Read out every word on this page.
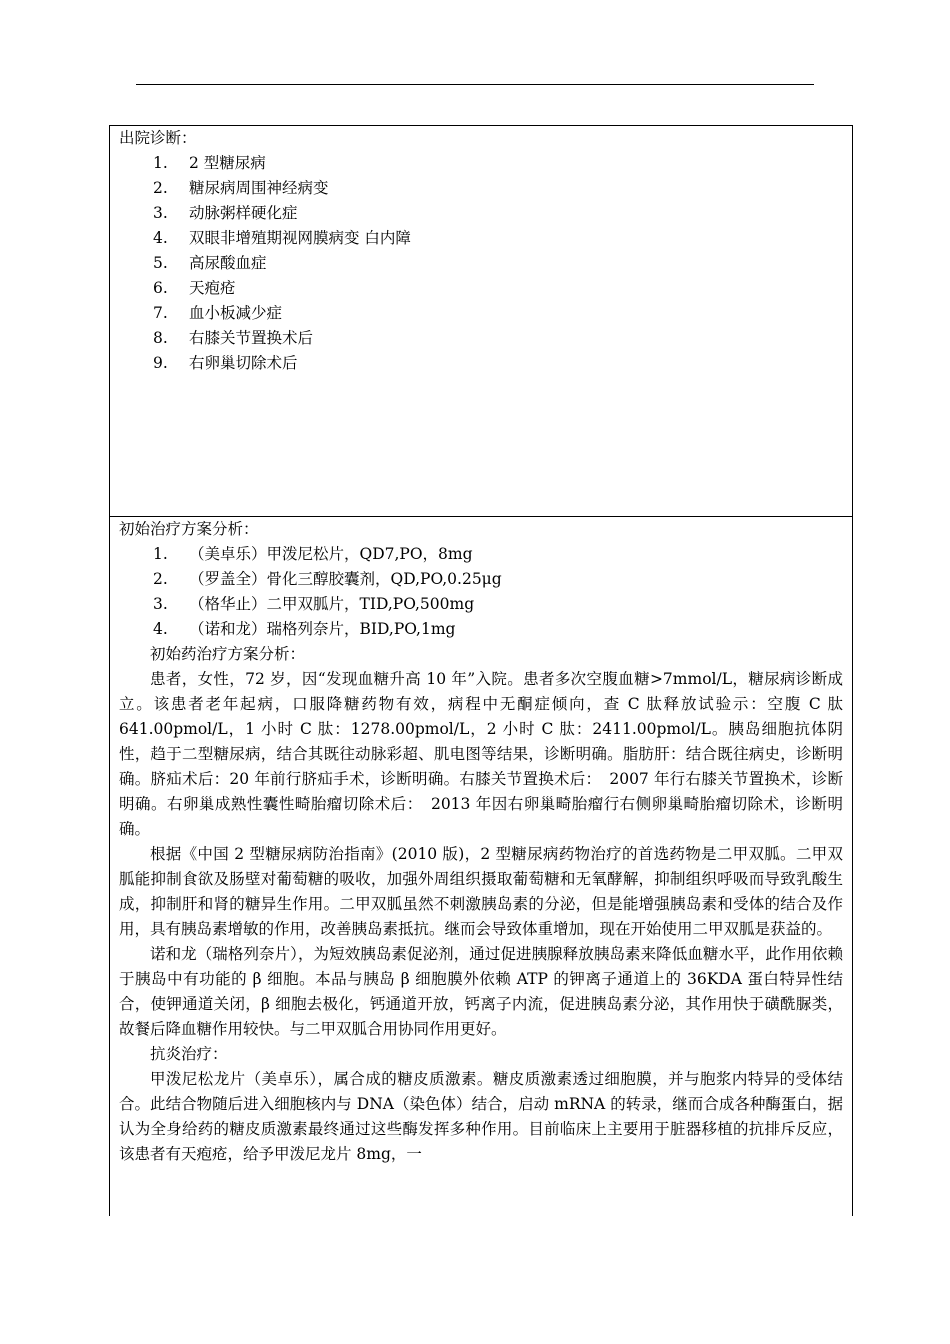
出院诊断：
1. 2 型糖尿病
2. 糖尿病周围神经病变
3. 动脉粥样硬化症
4. 双眼非增殖期视网膜病变 白内障
5. 高尿酸血症
6. 天疱疮
7. 血小板减少症
8. 右膝关节置换术后
9. 右卵巢切除术后
初始治疗方案分析：
1. （美卓乐）甲泼尼松片，QD7,PO，8mg
2. （罗盖全）骨化三醇胶囊剂，QD,PO,0.25μg
3. （格华止）二甲双胍片，TID,PO,500mg
4. （诺和龙）瑞格列奈片，BID,PO,1mg
初始药治疗方案分析：

患者，女性，72 岁，因“发现血糖升高 10 年”入院。患者多次空腹血糖>7mmol/L，糖尿病诊断成立。该患者老年起病，口服降糖药物有效，病程中无酮症倾向，查 C 肽释放试验示：空腹 C 肽 641.00pmol/L，1 小时 C 肽：1278.00pmol/L，2 小时 C 肽：2411.00pmol/L。胰岛细胞抗体阴性，趋于二型糖尿病，结合其既往动脉彩超、肌电图等结果，诊断明确。脂肪肝：结合既往病史，诊断明确。脐疝术后：20 年前行脐疝手术，诊断明确。右膝关节置换术后：　2007 年行右膝关节置换术，诊断明确。右卵巢成熟性囊性畸胎瘤切除术后：　2013 年因右卵巢畸胎瘤行右侧卵巢畸胎瘤切除术，诊断明确。

根据《中国 2 型糖尿病防治指南》(2010 版)，2 型糖尿病药物治疗的首选药物是二甲双胍。二甲双胍能抑制食欲及肠壁对葡萄糖的吸收，加强外周组织摄取葡萄糖和无氧酵解，抑制组织呼吸而导致乳酸生成，抑制肝和肾的糖异生作用。二甲双胍虽然不刺激胰岛素的分泌，但是能增强胰岛素和受体的结合及作用，具有胰岛素增敏的作用，改善胰岛素抵抗。继而会导致体重增加，现在开始使用二甲双胍是获益的。

诺和龙（瑞格列奈片），为短效胰岛素促泌剂，通过促进胰腺释放胰岛素来降低血糖水平，此作用依赖于胰岛中有功能的 β 细胞。本品与胰岛 β 细胞膜外依赖 ATP 的钾离子通道上的 36KDA 蛋白特异性结合，使钾通道关闭，β 细胞去极化，钙通道开放，钙离子内流，促进胰岛素分泌，其作用快于磺酰脲类，故餐后降血糖作用较快。与二甲双胍合用协同作用更好。

抗炎治疗：

甲泼尼松龙片（美卓乐），属合成的糖皮质激素。糖皮质激素透过细胞膜，并与胞浆内特异的受体结合。此结合物随后进入细胞核内与 DNA（染色体）结合，启动 mRNA 的转录，继而合成各种酶蛋白，据认为全身给药的糖皮质激素最终通过这些酶发挥多种作用。目前临床上主要用于脏器移植的抗排斥反应，该患者有天疱疮，给予甲泼尼龙片 8mg，一
